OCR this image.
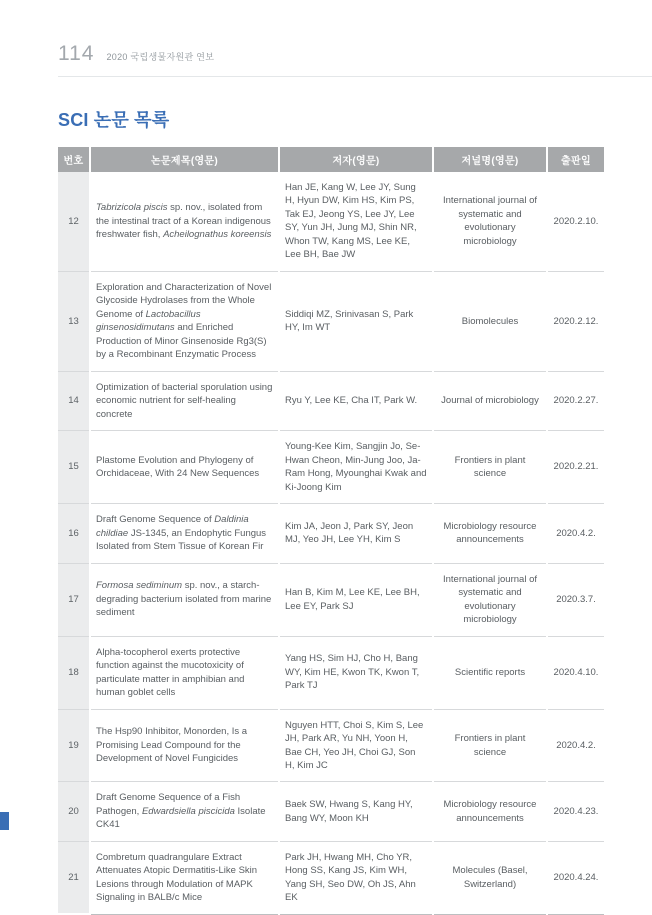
114 2020 국립생물자원관 연보
SCI 논문 목록
번호	논문제목(영문)	저자(영문)	저널명(영문)	출판일
12	Tabrizicola piscis sp. nov., isolated from the intestinal tract of a Korean indigenous freshwater fish, Acheilognathus koreensis	Han JE, Kang W, Lee JY, Sung H, Hyun DW, Kim HS, Kim PS, Tak EJ, Jeong YS, Lee JY, Lee SY, Yun JH, Jung MJ, Shin NR, Whon TW, Kang MS, Lee KE, Lee BH, Bae JW	International journal of systematic and evolutionary microbiology	2020.2.10.
13	Exploration and Characterization of Novel Glycoside Hydrolases from the Whole Genome of Lactobacillus ginsenosidimutans and Enriched Production of Minor Ginsenoside Rg3(S) by a Recombinant Enzymatic Process	Siddiqi MZ, Srinivasan S, Park HY, Im WT	Biomolecules	2020.2.12.
14	Optimization of bacterial sporulation using economic nutrient for self-healing concrete	Ryu Y, Lee KE, Cha IT, Park W.	Journal of microbiology	2020.2.27.
15	Plastome Evolution and Phylogeny of Orchidaceae, With 24 New Sequences	Young-Kee Kim, Sangjin Jo, Se-Hwan Cheon, Min-Jung Joo, Ja-Ram Hong, Myounghai Kwak and Ki-Joong Kim	Frontiers in plant science	2020.2.21.
16	Draft Genome Sequence of Daldinia childiae JS-1345, an Endophytic Fungus Isolated from Stem Tissue of Korean Fir	Kim JA, Jeon J, Park SY, Jeon MJ, Yeo JH, Lee YH, Kim S	Microbiology resource announcements	2020.4.2.
17	Formosa sediminum sp. nov., a starch-degrading bacterium isolated from marine sediment	Han B, Kim M, Lee KE, Lee BH, Lee EY, Park SJ	International journal of systematic and evolutionary microbiology	2020.3.7.
18	Alpha-tocopherol exerts protective function against the mucotoxicity of particulate matter in amphibian and human goblet cells	Yang HS, Sim HJ, Cho H, Bang WY, Kim HE, Kwon TK, Kwon T, Park TJ	Scientific reports	2020.4.10.
19	The Hsp90 Inhibitor, Monorden, Is a Promising Lead Compound for the Development of Novel Fungicides	Nguyen HTT, Choi S, Kim S, Lee JH, Park AR, Yu NH, Yoon H, Bae CH, Yeo JH, Choi GJ, Son H, Kim JC	Frontiers in plant science	2020.4.2.
20	Draft Genome Sequence of a Fish Pathogen, Edwardsiella piscicida Isolate CK41	Baek SW, Hwang S, Kang HY, Bang WY, Moon KH	Microbiology resource announcements	2020.4.23.
21	Combretum quadrangulare Extract Attenuates Atopic Dermatitis-Like Skin Lesions through Modulation of MAPK Signaling in BALB/c Mice	Park JH, Hwang MH, Cho YR, Hong SS, Kang JS, Kim WH, Yang SH, Seo DW, Oh JS, Ahn EK	Molecules (Basel, Switzerland)	2020.4.24.
